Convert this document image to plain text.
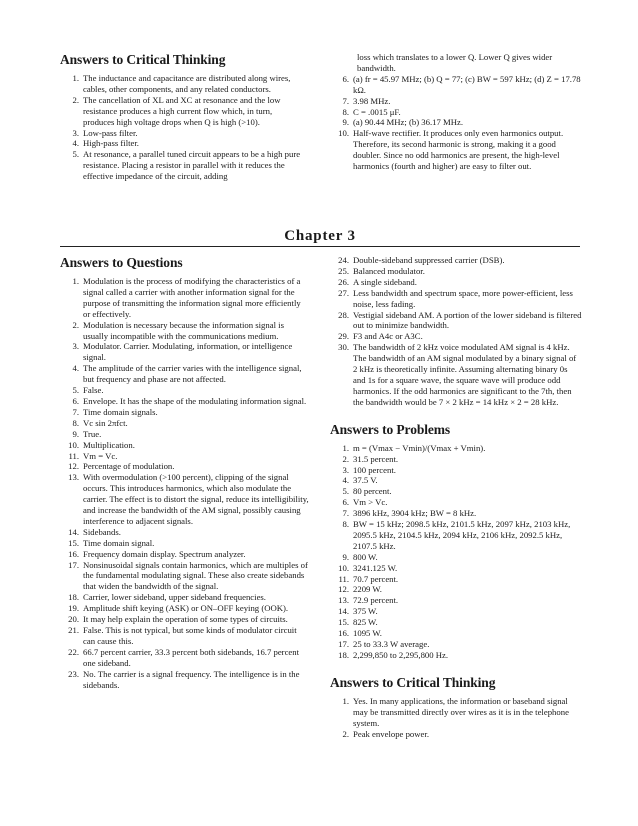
Answers to Critical Thinking
1. The inductance and capacitance are distributed along wires, cables, other components, and any related conductors.
2. The cancellation of XL and XC at resonance and the low resistance produces a high current flow which, in turn, produces high voltage drops when Q is high (>10).
3. Low-pass filter.
4. High-pass filter.
5. At resonance, a parallel tuned circuit appears to be a high pure resistance. Placing a resistor in parallel with it reduces the effective impedance of the circuit, adding
loss which translates to a lower Q. Lower Q gives wider bandwidth.
6. (a) fr = 45.97 MHz; (b) Q = 77; (c) BW = 597 kHz; (d) Z = 17.78 kΩ.
7. 3.98 MHz.
8. C = .0015 μF.
9. (a) 90.44 MHz; (b) 36.17 MHz.
10. Half-wave rectifier. It produces only even harmonics output. Therefore, its second harmonic is strong, making it a good doubler. Since no odd harmonics are present, the high-level harmonics (fourth and higher) are easy to filter out.
Chapter 3
Answers to Questions
1. Modulation is the process of modifying the characteristics of a signal called a carrier with another information signal for the purpose of transmitting the information signal more efficiently or effectively.
2. Modulation is necessary because the information signal is usually incompatible with the communications medium.
3. Modulator. Carrier. Modulating, information, or intelligence signal.
4. The amplitude of the carrier varies with the intelligence signal, but frequency and phase are not affected.
5. False.
6. Envelope. It has the shape of the modulating information signal.
7. Time domain signals.
8. Vc sin 2πfct.
9. True.
10. Multiplication.
11. Vm = Vc.
12. Percentage of modulation.
13. With overmodulation (>100 percent), clipping of the signal occurs. This introduces harmonics, which also modulate the carrier. The effect is to distort the signal, reduce its intelligibility, and increase the bandwidth of the AM signal, possibly causing interference to adjacent signals.
14. Sidebands.
15. Time domain signal.
16. Frequency domain display. Spectrum analyzer.
17. Nonsinusoidal signals contain harmonics, which are multiples of the fundamental modulating signal. These also create sidebands that widen the bandwidth of the signal.
18. Carrier, lower sideband, upper sideband frequencies.
19. Amplitude shift keying (ASK) or ON–OFF keying (OOK).
20. It may help explain the operation of some types of circuits.
21. False. This is not typical, but some kinds of modulator circuit can cause this.
22. 66.7 percent carrier, 33.3 percent both sidebands, 16.7 percent one sideband.
23. No. The carrier is a signal frequency. The intelligence is in the sidebands.
24. Double-sideband suppressed carrier (DSB).
25. Balanced modulator.
26. A single sideband.
27. Less bandwidth and spectrum space, more power-efficient, less noise, less fading.
28. Vestigial sideband AM. A portion of the lower sideband is filtered out to minimize bandwidth.
29. F3 and A4c or A3C.
30. The bandwidth of 2 kHz voice modulated AM signal is 4 kHz. The bandwidth of an AM signal modulated by a binary signal of 2 kHz is theoretically infinite. Assuming alternating binary 0s and 1s for a square wave, the square wave will produce odd harmonics. If the odd harmonics are significant to the 7th, then the bandwidth would be 7 × 2 kHz = 14 kHz × 2 = 28 kHz.
Answers to Problems
1. m = (Vmax − Vmin)/(Vmax + Vmin).
2. 31.5 percent.
3. 100 percent.
4. 37.5 V.
5. 80 percent.
6. Vm > Vc.
7. 3896 kHz, 3904 kHz; BW = 8 kHz.
8. BW = 15 kHz; 2098.5 kHz, 2101.5 kHz, 2097 kHz, 2103 kHz, 2095.5 kHz, 2104.5 kHz, 2094 kHz, 2106 kHz, 2092.5 kHz, 2107.5 kHz.
9. 800 W.
10. 3241.125 W.
11. 70.7 percent.
12. 2209 W.
13. 72.9 percent.
14. 375 W.
15. 825 W.
16. 1095 W.
17. 25 to 33.3 W average.
18. 2,299,850 to 2,295,800 Hz.
Answers to Critical Thinking
1. Yes. In many applications, the information or baseband signal may be transmitted directly over wires as it is in the telephone system.
2. Peak envelope power.
